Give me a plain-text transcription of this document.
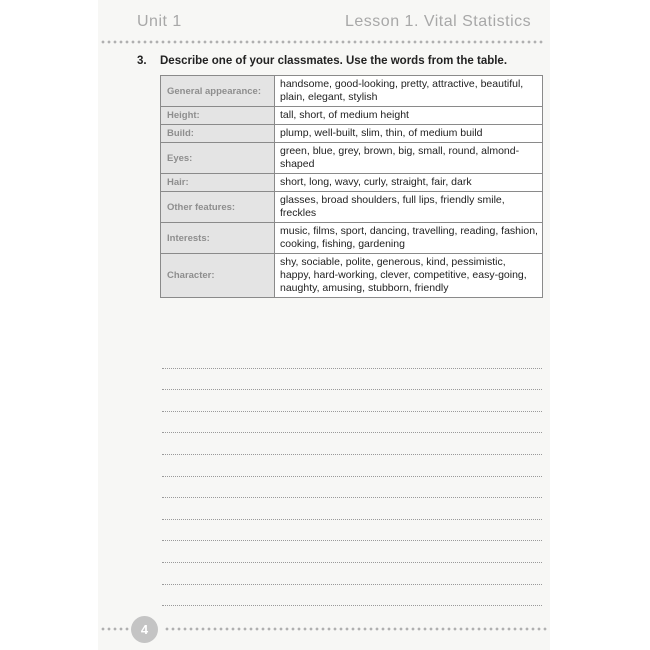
Unit 1	Lesson 1. Vital Statistics
3. Describe one of your classmates. Use the words from the table.
General appearance:	handsome, good-looking, pretty, attractive, beautiful, plain, elegant, stylish
Height:	tall, short, of medium height
Build:	plump, well-built, slim, thin, of medium build
Eyes:	green, blue, grey, brown, big, small, round, almond-shaped
Hair:	short, long, wavy, curly, straight, fair, dark
Other features:	glasses, broad shoulders, full lips, friendly smile, freckles
Interests:	music, films, sport, dancing, travelling, reading, fashion, cooking, fishing, gardening
Character:	shy, sociable, polite, generous, kind, pessimistic, happy, hard-working, clever, competitive, easy-going, naughty, amusing, stubborn, friendly
4
